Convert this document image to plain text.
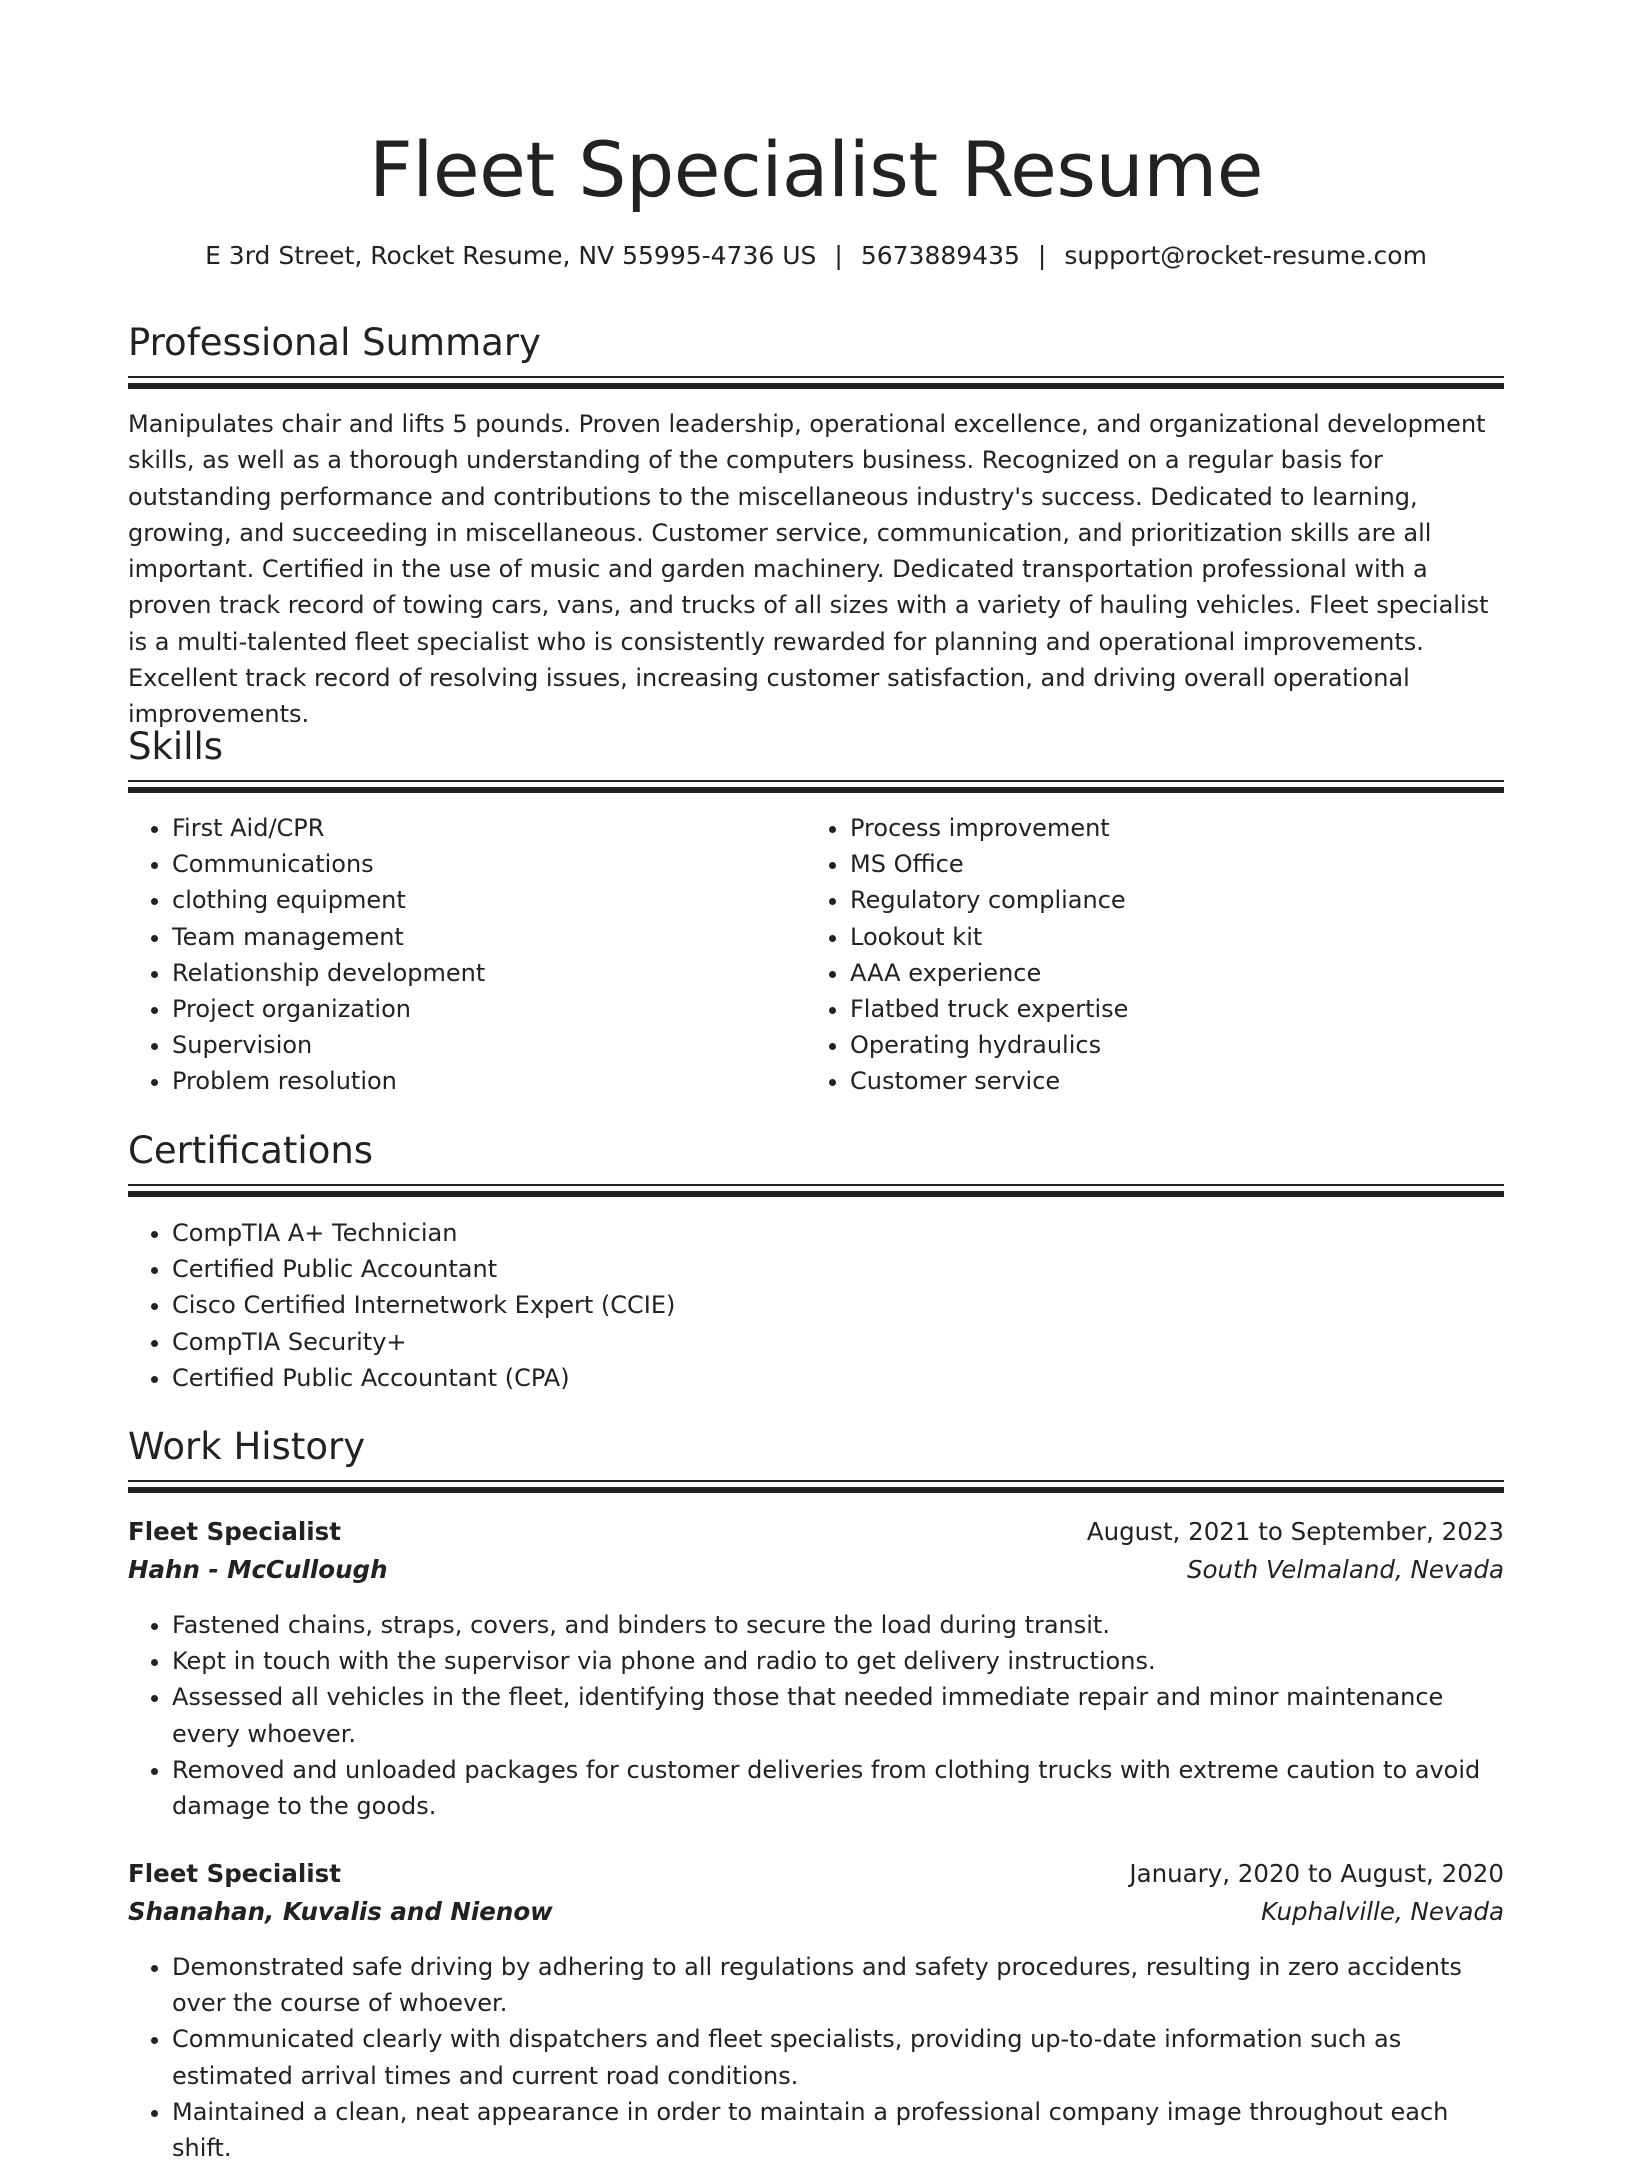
Fleet Specialist Resume
E 3rd Street, Rocket Resume, NV 55995-4736 US | 5673889435 | support@rocket-resume.com
Professional Summary

Manipulates chair and lifts 5 pounds. Proven leadership, operational excellence, and organizational development skills, as well as a thorough understanding of the computers business. Recognized on a regular basis for outstanding performance and contributions to the miscellaneous industry's success. Dedicated to learning, growing, and succeeding in miscellaneous. Customer service, communication, and prioritization skills are all important. Certified in the use of music and garden machinery. Dedicated transportation professional with a proven track record of towing cars, vans, and trucks of all sizes with a variety of hauling vehicles. Fleet specialist is a multi-talented fleet specialist who is consistently rewarded for planning and operational improvements. Excellent track record of resolving issues, increasing customer satisfaction, and driving overall operational improvements.

Skills
• First Aid/CPR
• Communications
• clothing equipment
• Team management
• Relationship development
• Project organization
• Supervision
• Problem resolution
• Process improvement
• MS Office
• Regulatory compliance
• Lookout kit
• AAA experience
• Flatbed truck expertise
• Operating hydraulics
• Customer service
Certifications
• CompTIA A+ Technician
• Certified Public Accountant
• Cisco Certified Internetwork Expert (CCIE)
• CompTIA Security+
• Certified Public Accountant (CPA)
Work History
Fleet Specialist	August, 2021 to September, 2023
Hahn - McCullough	South Velmaland, Nevada
• Fastened chains, straps, covers, and binders to secure the load during transit.
• Kept in touch with the supervisor via phone and radio to get delivery instructions.
• Assessed all vehicles in the fleet, identifying those that needed immediate repair and minor maintenance every whoever.
• Removed and unloaded packages for customer deliveries from clothing trucks with extreme caution to avoid damage to the goods.
Fleet Specialist	January, 2020 to August, 2020
Shanahan, Kuvalis and Nienow	Kuphalville, Nevada
• Demonstrated safe driving by adhering to all regulations and safety procedures, resulting in zero accidents over the course of whoever.
• Communicated clearly with dispatchers and fleet specialists, providing up-to-date information such as estimated arrival times and current road conditions.
• Maintained a clean, neat appearance in order to maintain a professional company image throughout each shift.
